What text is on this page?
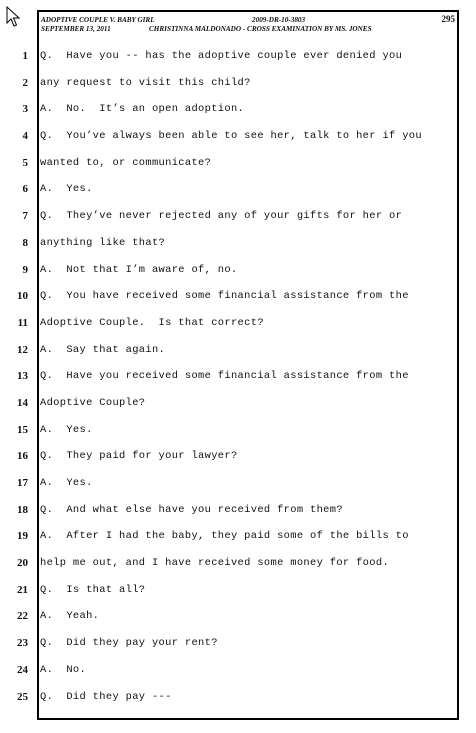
ADOPTIVE COUPLE V. BABY GIRL	2009-DR-10-3803	295
SEPTEMBER 13, 2011	CHRISTINNA MALDONADO - CROSS EXAMINATION BY MS. JONES
1 Q.  Have you -- has the adoptive couple ever denied you
2 any request to visit this child?
3 A.  No.  It’s an open adoption.
4 Q.  You’ve always been able to see her, talk to her if you
5 wanted to, or communicate?
6 A.  Yes.
7 Q.  They’ve never rejected any of your gifts for her or
8 anything like that?
9 A.  Not that I’m aware of, no.
10 Q.  You have received some financial assistance from the
11 Adoptive Couple.  Is that correct?
12 A.  Say that again.
13 Q.  Have you received some financial assistance from the
14 Adoptive Couple?
15 A.  Yes.
16 Q.  They paid for your lawyer?
17 A.  Yes.
18 Q.  And what else have you received from them?
19 A.  After I had the baby, they paid some of the bills to
20 help me out, and I have received some money for food.
21 Q.  Is that all?
22 A.  Yeah.
23 Q.  Did they pay your rent?
24 A.  No.
25 Q.  Did they pay ---
